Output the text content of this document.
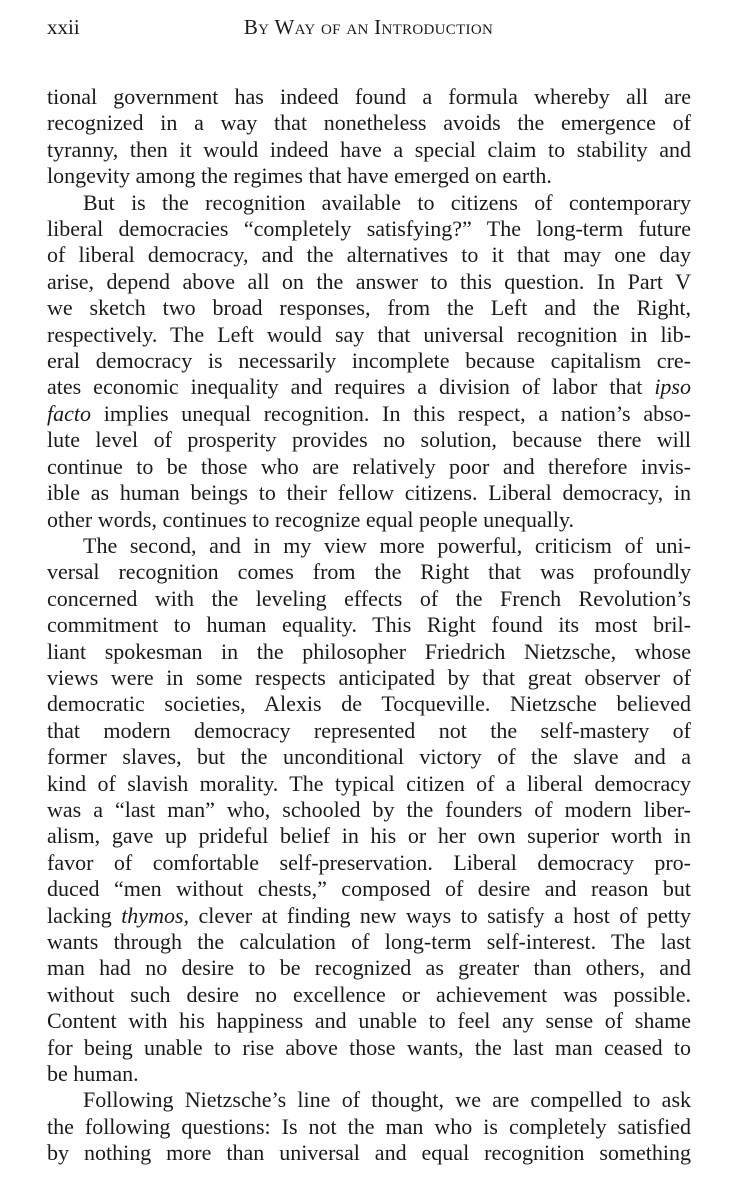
xxii	By Way of an Introduction

tional government has indeed found a formula whereby all are
recognized in a way that nonetheless avoids the emergence of
tyranny, then it would indeed have a special claim to stability and
longevity among the regimes that have emerged on earth.

But is the recognition available to citizens of contemporary
liberal democracies “completely satisfying?” The long-term future
of liberal democracy, and the alternatives to it that may one day
arise, depend above all on the answer to this question. In Part V
we sketch two broad responses, from the Left and the Right,
respectively. The Left would say that universal recognition in lib-
eral democracy is necessarily incomplete because capitalism cre-
ates economic inequality and requires a division of labor that ipso
facto implies unequal recognition. In this respect, a nation’s abso-
lute level of prosperity provides no solution, because there will
continue to be those who are relatively poor and therefore invis-
ible as human beings to their fellow citizens. Liberal democracy, in
other words, continues to recognize equal people unequally.

The second, and in my view more powerful, criticism of uni-
versal recognition comes from the Right that was profoundly
concerned with the leveling effects of the French Revolution’s
commitment to human equality. This Right found its most bril-
liant spokesman in the philosopher Friedrich Nietzsche, whose
views were in some respects anticipated by that great observer of
democratic societies, Alexis de Tocqueville. Nietzsche believed
that modern democracy represented not the self-mastery of
former slaves, but the unconditional victory of the slave and a
kind of slavish morality. The typical citizen of a liberal democracy
was a “last man” who, schooled by the founders of modern liber-
alism, gave up prideful belief in his or her own superior worth in
favor of comfortable self-preservation. Liberal democracy pro-
duced “men without chests,” composed of desire and reason but
lacking thymos, clever at finding new ways to satisfy a host of petty
wants through the calculation of long-term self-interest. The last
man had no desire to be recognized as greater than others, and
without such desire no excellence or achievement was possible.
Content with his happiness and unable to feel any sense of shame
for being unable to rise above those wants, the last man ceased to
be human.

Following Nietzsche’s line of thought, we are compelled to ask
the following questions: Is not the man who is completely satisfied
by nothing more than universal and equal recognition something
